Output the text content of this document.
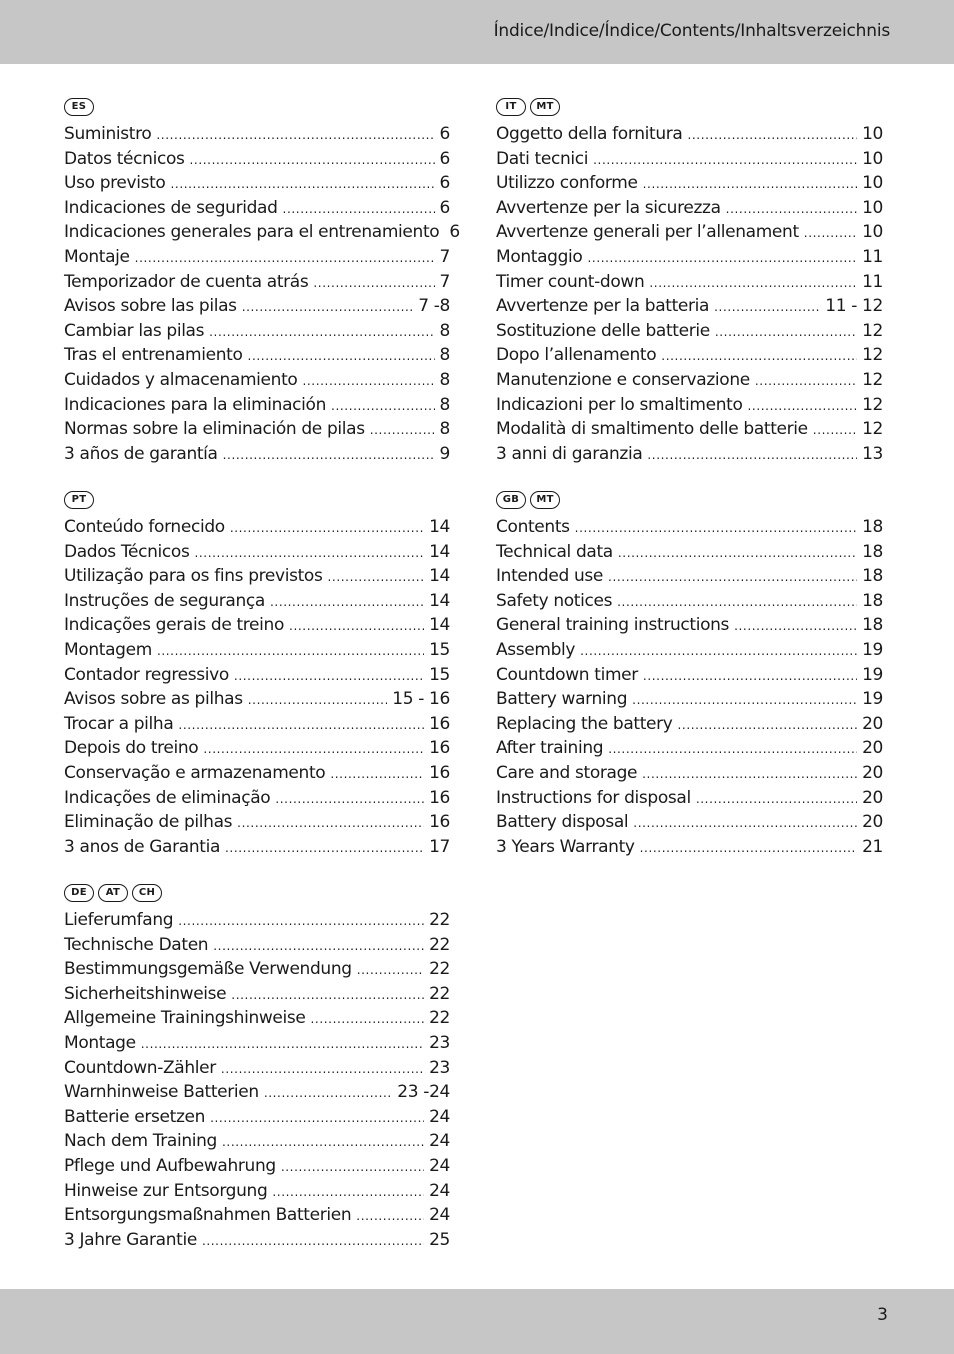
Índice/Indice/Índice/Contents/Inhaltsverzeichnis
ES
Suministro .....	6
Datos técnicos .....	6
Uso previsto .....	6
Indicaciones de seguridad .....	6
Indicaciones generales para el entrenamiento 6
Montaje .....	7
Temporizador de cuenta atrás .....	7
Avisos sobre las pilas .....	7 -8
Cambiar las pilas .....	8
Tras el entrenamiento .....	8
Cuidados y almacenamiento .....	8
Indicaciones para la eliminación .....	8
Normas sobre la eliminación de pilas .....	8
3 años de garantía .....	9
PT
Conteúdo fornecido .....	14
Dados Técnicos .....	14
Utilização para os fins previstos .....	14
Instruções de segurança .....	14
Indicações gerais de treino .....	14
Montagem .....	15
Contador regressivo .....	15
Avisos sobre as pilhas .....	15 - 16
Trocar a pilha .....	16
Depois do treino .....	16
Conservação e armazenamento .....	16
Indicações de eliminação .....	16
Eliminação de pilhas .....	16
3 anos de Garantia .....	17
DE	AT	CH
Lieferumfang .....	22
Technische Daten .....	22
Bestimmungsgemäße Verwendung .....	22
Sicherheitshinweise .....	22
Allgemeine Trainingshinweise .....	22
Montage .....	23
Countdown-Zähler .....	23
Warnhinweise Batterien .....	23 -24
Batterie ersetzen .....	24
Nach dem Training .....	24
Pflege und Aufbewahrung .....	24
Hinweise zur Entsorgung .....	24
Entsorgungsmaßnahmen Batterien .....	24
3 Jahre Garantie .....	25
IT	MT
Oggetto della fornitura .....	10
Dati tecnici .....	10
Utilizzo conforme .....	10
Avvertenze per la sicurezza .....	10
Avvertenze generali per l’allenament .....	10
Montaggio .....	11
Timer count-down .....	11
Avvertenze per la batteria .....	11 - 12
Sostituzione delle batterie .....	12
Dopo l’allenamento .....	12
Manutenzione e conservazione .....	12
Indicazioni per lo smaltimento .....	12
Modalità di smaltimento delle batterie .....	12
3 anni di garanzia .....	13
GB	MT
Contents .....	18
Technical data .....	18
Intended use .....	18
Safety notices .....	18
General training instructions .....	18
Assembly .....	19
Countdown timer .....	19
Battery warning .....	19
Replacing the battery .....	20
After training .....	20
Care and storage .....	20
Instructions for disposal .....	20
Battery disposal .....	20
3 Years Warranty .....	21
3
